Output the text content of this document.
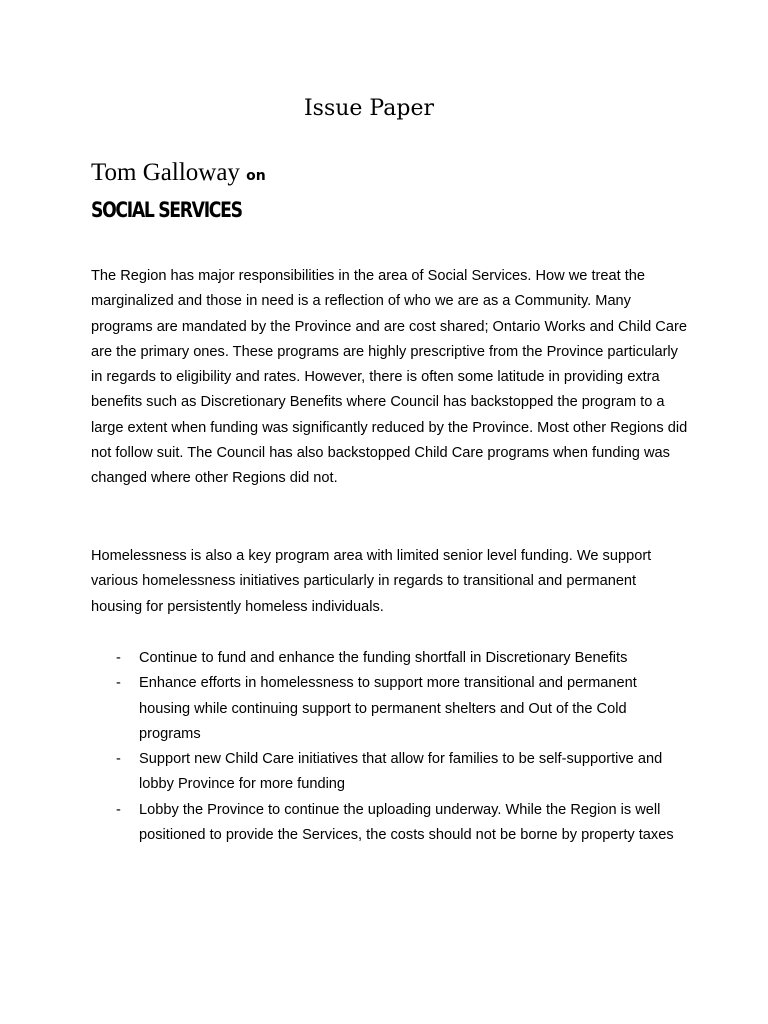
Issue Paper
Tom Galloway on
SOCIAL SERVICES

The Region has major responsibilities in the area of Social Services. How we treat the marginalized and those in need is a reflection of who we are as a Community. Many programs are mandated by the Province and are cost shared; Ontario Works and Child Care are the primary ones. These programs are highly prescriptive from the Province particularly in regards to eligibility and rates. However, there is often some latitude in providing extra benefits such as Discretionary Benefits where Council has backstopped the program to a large extent when funding was significantly reduced by the Province. Most other Regions did not follow suit. The Council has also backstopped Child Care programs when funding was changed where other Regions did not.

Homelessness is also a key program area with limited senior level funding. We support various homelessness initiatives particularly in regards to transitional and permanent housing for persistently homeless individuals.

- Continue to fund and enhance the funding shortfall in Discretionary Benefits
- Enhance efforts in homelessness to support more transitional and permanent housing while continuing support to permanent shelters and Out of the Cold programs
- Support new Child Care initiatives that allow for families to be self-supportive and lobby Province for more funding
- Lobby the Province to continue the uploading underway. While the Region is well positioned to provide the Services, the costs should not be borne by property taxes
